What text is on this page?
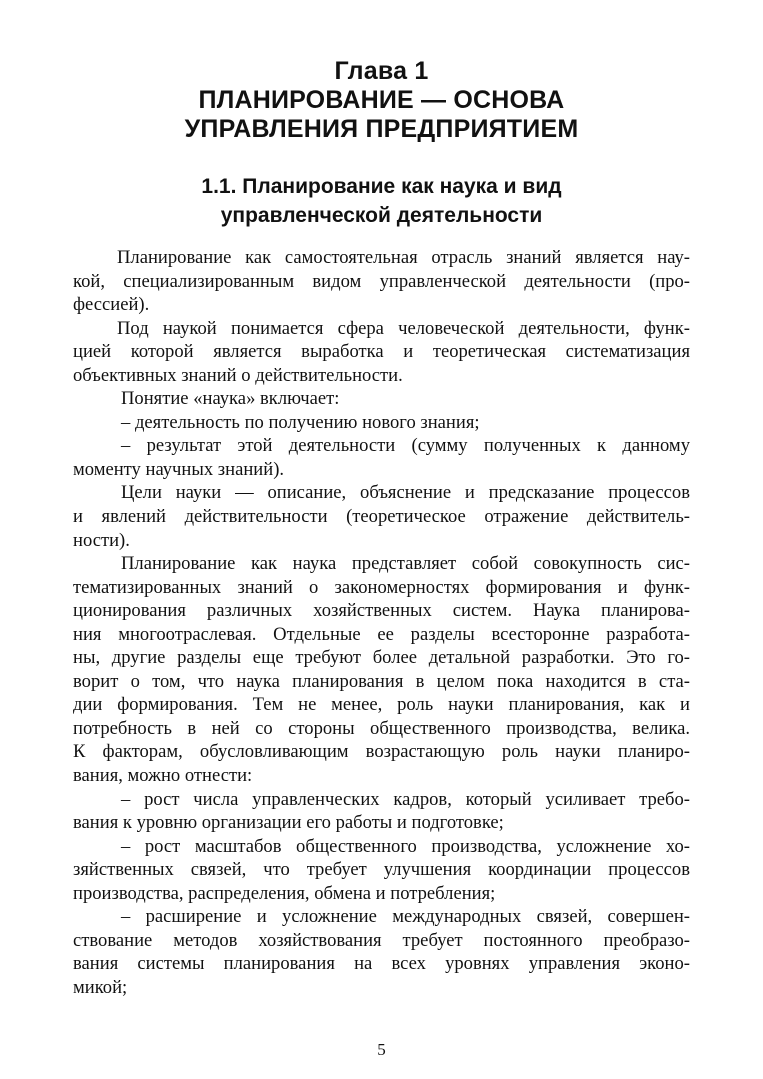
Глава 1
ПЛАНИРОВАНИЕ — ОСНОВА
УПРАВЛЕНИЯ ПРЕДПРИЯТИЕМ
1.1. Планирование как наука и вид
управленческой деятельности
Планирование как самостоятельная отрасль знаний является нау-
кой, специализированным видом управленческой деятельности (про-
фессией).
Под наукой понимается сфера человеческой деятельности, функ-
цией которой является выработка и теоретическая систематизация
объективных знаний о действительности.
Понятие «наука» включает:
– деятельность по получению нового знания;
– результат этой деятельности (сумму полученных к данному
моменту научных знаний).
Цели науки — описание, объяснение и предсказание процессов
и явлений действительности (теоретическое отражение действитель-
ности).
Планирование как наука представляет собой совокупность сис-
тематизированных знаний о закономерностях формирования и функ-
ционирования различных хозяйственных систем. Наука планирова-
ния многоотраслевая. Отдельные ее разделы всесторонне разработа-
ны, другие разделы еще требуют более детальной разработки. Это го-
ворит о том, что наука планирования в целом пока находится в ста-
дии формирования. Тем не менее, роль науки планирования, как и
потребность в ней со стороны общественного производства, велика.
К факторам, обусловливающим возрастающую роль науки планиро-
вания, можно отнести:
– рост числа управленческих кадров, который усиливает требо-
вания к уровню организации его работы и подготовке;
– рост масштабов общественного производства, усложнение хо-
зяйственных связей, что требует улучшения координации процессов
производства, распределения, обмена и потребления;
– расширение и усложнение международных связей, совершен-
ствование методов хозяйствования требует постоянного преобразо-
вания системы планирования на всех уровнях управления эконо-
микой;
5
